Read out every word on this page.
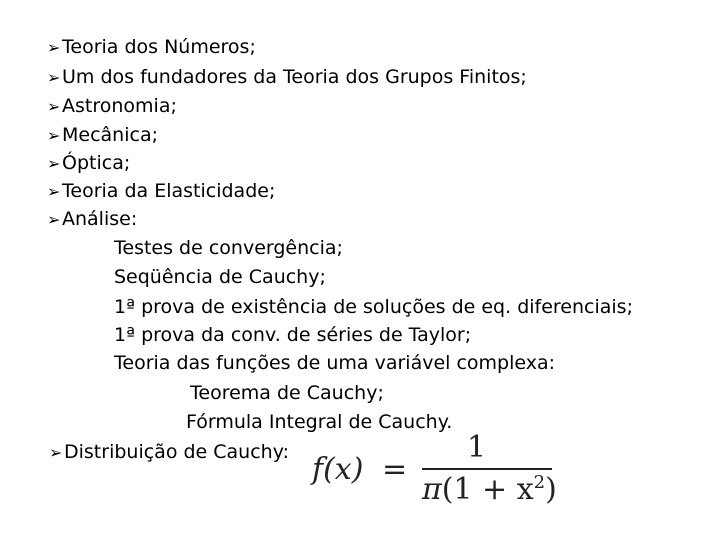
➢Teoria dos Números;
➢Um dos fundadores da Teoria dos Grupos Finitos;
➢Astronomia;
➢Mecânica;
➢Óptica;
➢Teoria da Elasticidade;
➢Análise:
Testes de convergência;
Seqüência de Cauchy;
1ª prova de existência de soluções de eq. diferenciais;
1ª prova da conv. de séries de Taylor;
Teoria das funções de uma variável complexa:
Teorema de Cauchy;
Fórmula Integral de Cauchy.
➢Distribuição de Cauchy: f(x) =
1
$\pi(1 + x^2)$
